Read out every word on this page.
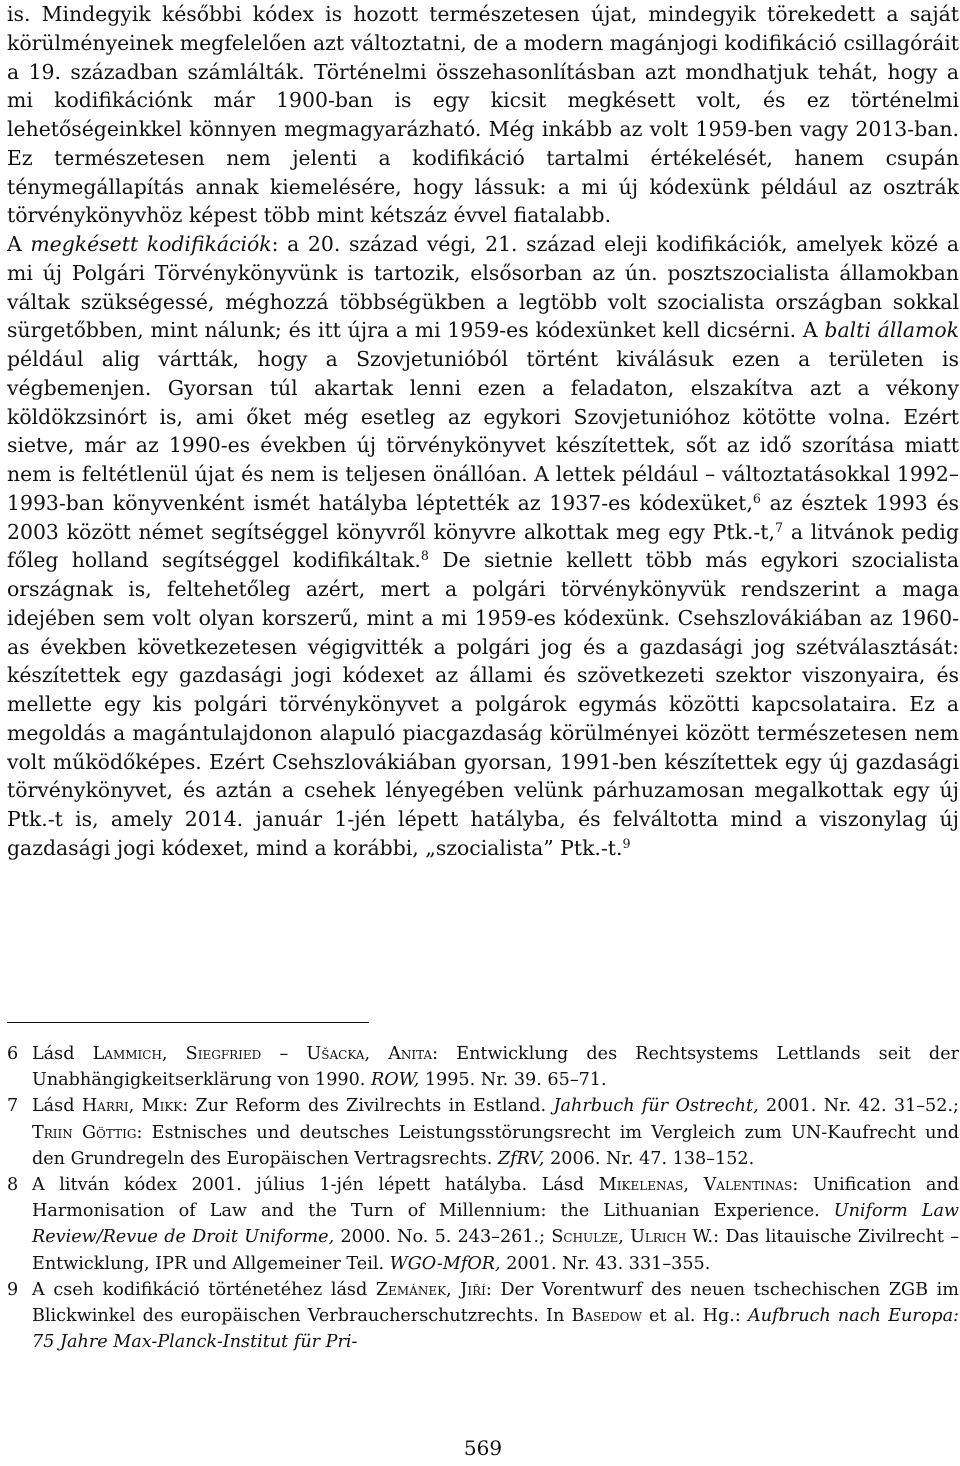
is. Mindegyik későbbi kódex is hozott természetesen újat, mindegyik törekedett a saját körülményeinek megfelelően azt változtatni, de a modern magánjogi kodifikáció csillagóráit a 19. században számlálták. Történelmi összehasonlításban azt mondhatjuk tehát, hogy a mi kodifikációnk már 1900-ban is egy kicsit megkésett volt, és ez történelmi lehetőségeinkkel könnyen megmagyarázható. Még inkább az volt 1959-ben vagy 2013-ban. Ez természetesen nem jelenti a kodifikáció tartalmi értékelését, hanem csupán ténymegállapítás annak kiemelésére, hogy lássuk: a mi új kódexünk például az osztrák törvénykönyvhöz képest több mint kétszáz évvel fiatalabb.

A megkésett kodifikációk: a 20. század végi, 21. század eleji kodifikációk, amelyek közé a mi új Polgári Törvénykönyvünk is tartozik, elsősorban az ún. posztszocialista államokban váltak szükségessé, méghozzá többségükben a legtöbb volt szocialista országban sokkal sürgetőbben, mint nálunk; és itt újra a mi 1959-es kódexünket kell dicsérni. A balti államok például alig vártták, hogy a Szovjetunióból történt kiválásuk ezen a területen is végbemenjen. Gyorsan túl akartak lenni ezen a feladaton, elszakítva azt a vékony köldökzsinórt is, ami őket még esetleg az egykori Szovjetunióhoz kötötte volna. Ezért sietve, már az 1990-es években új törvénykönyvet készítettek, sőt az idő szorítása miatt nem is feltétlenül újat és nem is teljesen önállóan. A lettek például – változtatásokkal 1992–1993-ban könyvenként ismét hatályba léptették az 1937-es kódexüket,$^6$ az észtek 1993 és 2003 között német segítséggel könyvről könyvre alkottak meg egy Ptk.-t,$^7$ a litvánok pedig főleg holland segítséggel kodifikáltak.$^8$ De sietnie kellett több más egykori szocialista országnak is, feltehetőleg azért, mert a polgári törvénykönyvük rendszerint a maga idejében sem volt olyan korszerű, mint a mi 1959-es kódexünk. Csehszlovákiában az 1960-as években következetesen végigvitték a polgári jog és a gazdasági jog szétválasztását: készítettek egy gazdasági jogi kódexet az állami és szövetkezeti szektor viszonyaira, és mellette egy kis polgári törvénykönyvet a polgárok egymás közötti kapcsolataira. Ez a megoldás a magántulajdonon alapuló piacgazdaság körülményei között természetesen nem volt működőképes. Ezért Csehszlovákiában gyorsan, 1991-ben készítettek egy új gazdasági törvénykönyvet, és aztán a csehek lényegében velünk párhuzamosan megalkottak egy új Ptk.-t is, amely 2014. január 1-jén lépett hatályba, és felváltotta mind a viszonylag új gazdasági jogi kódexet, mind a korábbi, „szocialista” Ptk.-t.$^9$

6 Lásd Lammich, Siegfried – Ušacka, Anita: Entwicklung des Rechtsystems Lettlands seit der Unabhängigkeitserklärung von 1990. ROW, 1995. Nr. 39. 65–71.
7 Lásd Harri, Mikk: Zur Reform des Zivilrechts in Estland. Jahrbuch für Ostrecht, 2001. Nr. 42. 31–52.; Triin Göttig: Estnisches und deutsches Leistungsstörungsrecht im Vergleich zum UN-Kaufrecht und den Grundregeln des Europäischen Vertragsrechts. ZfRV, 2006. Nr. 47. 138–152.
8 A litván kódex 2001. július 1-jén lépett hatályba. Lásd Mikelenas, Valentinas: Unification and Harmonisation of Law and the Turn of Millennium: the Lithuanian Experience. Uniform Law Review/Revue de Droit Uniforme, 2000. No. 5. 243–261.; Schulze, Ulrich W.: Das litauische Zivilrecht – Entwicklung, IPR und Allgemeiner Teil. WGO-MfOR, 2001. Nr. 43. 331–355.
9 A cseh kodifikáció történetéhez lásd Zemánek, Jiří: Der Vorentwurf des neuen tschechischen ZGB im Blickwinkel des europäischen Verbraucherschutzrechts. In Basedow et al. Hg.: Aufbruch nach Europa: 75 Jahre Max-Planck-Institut für Pri-
569
